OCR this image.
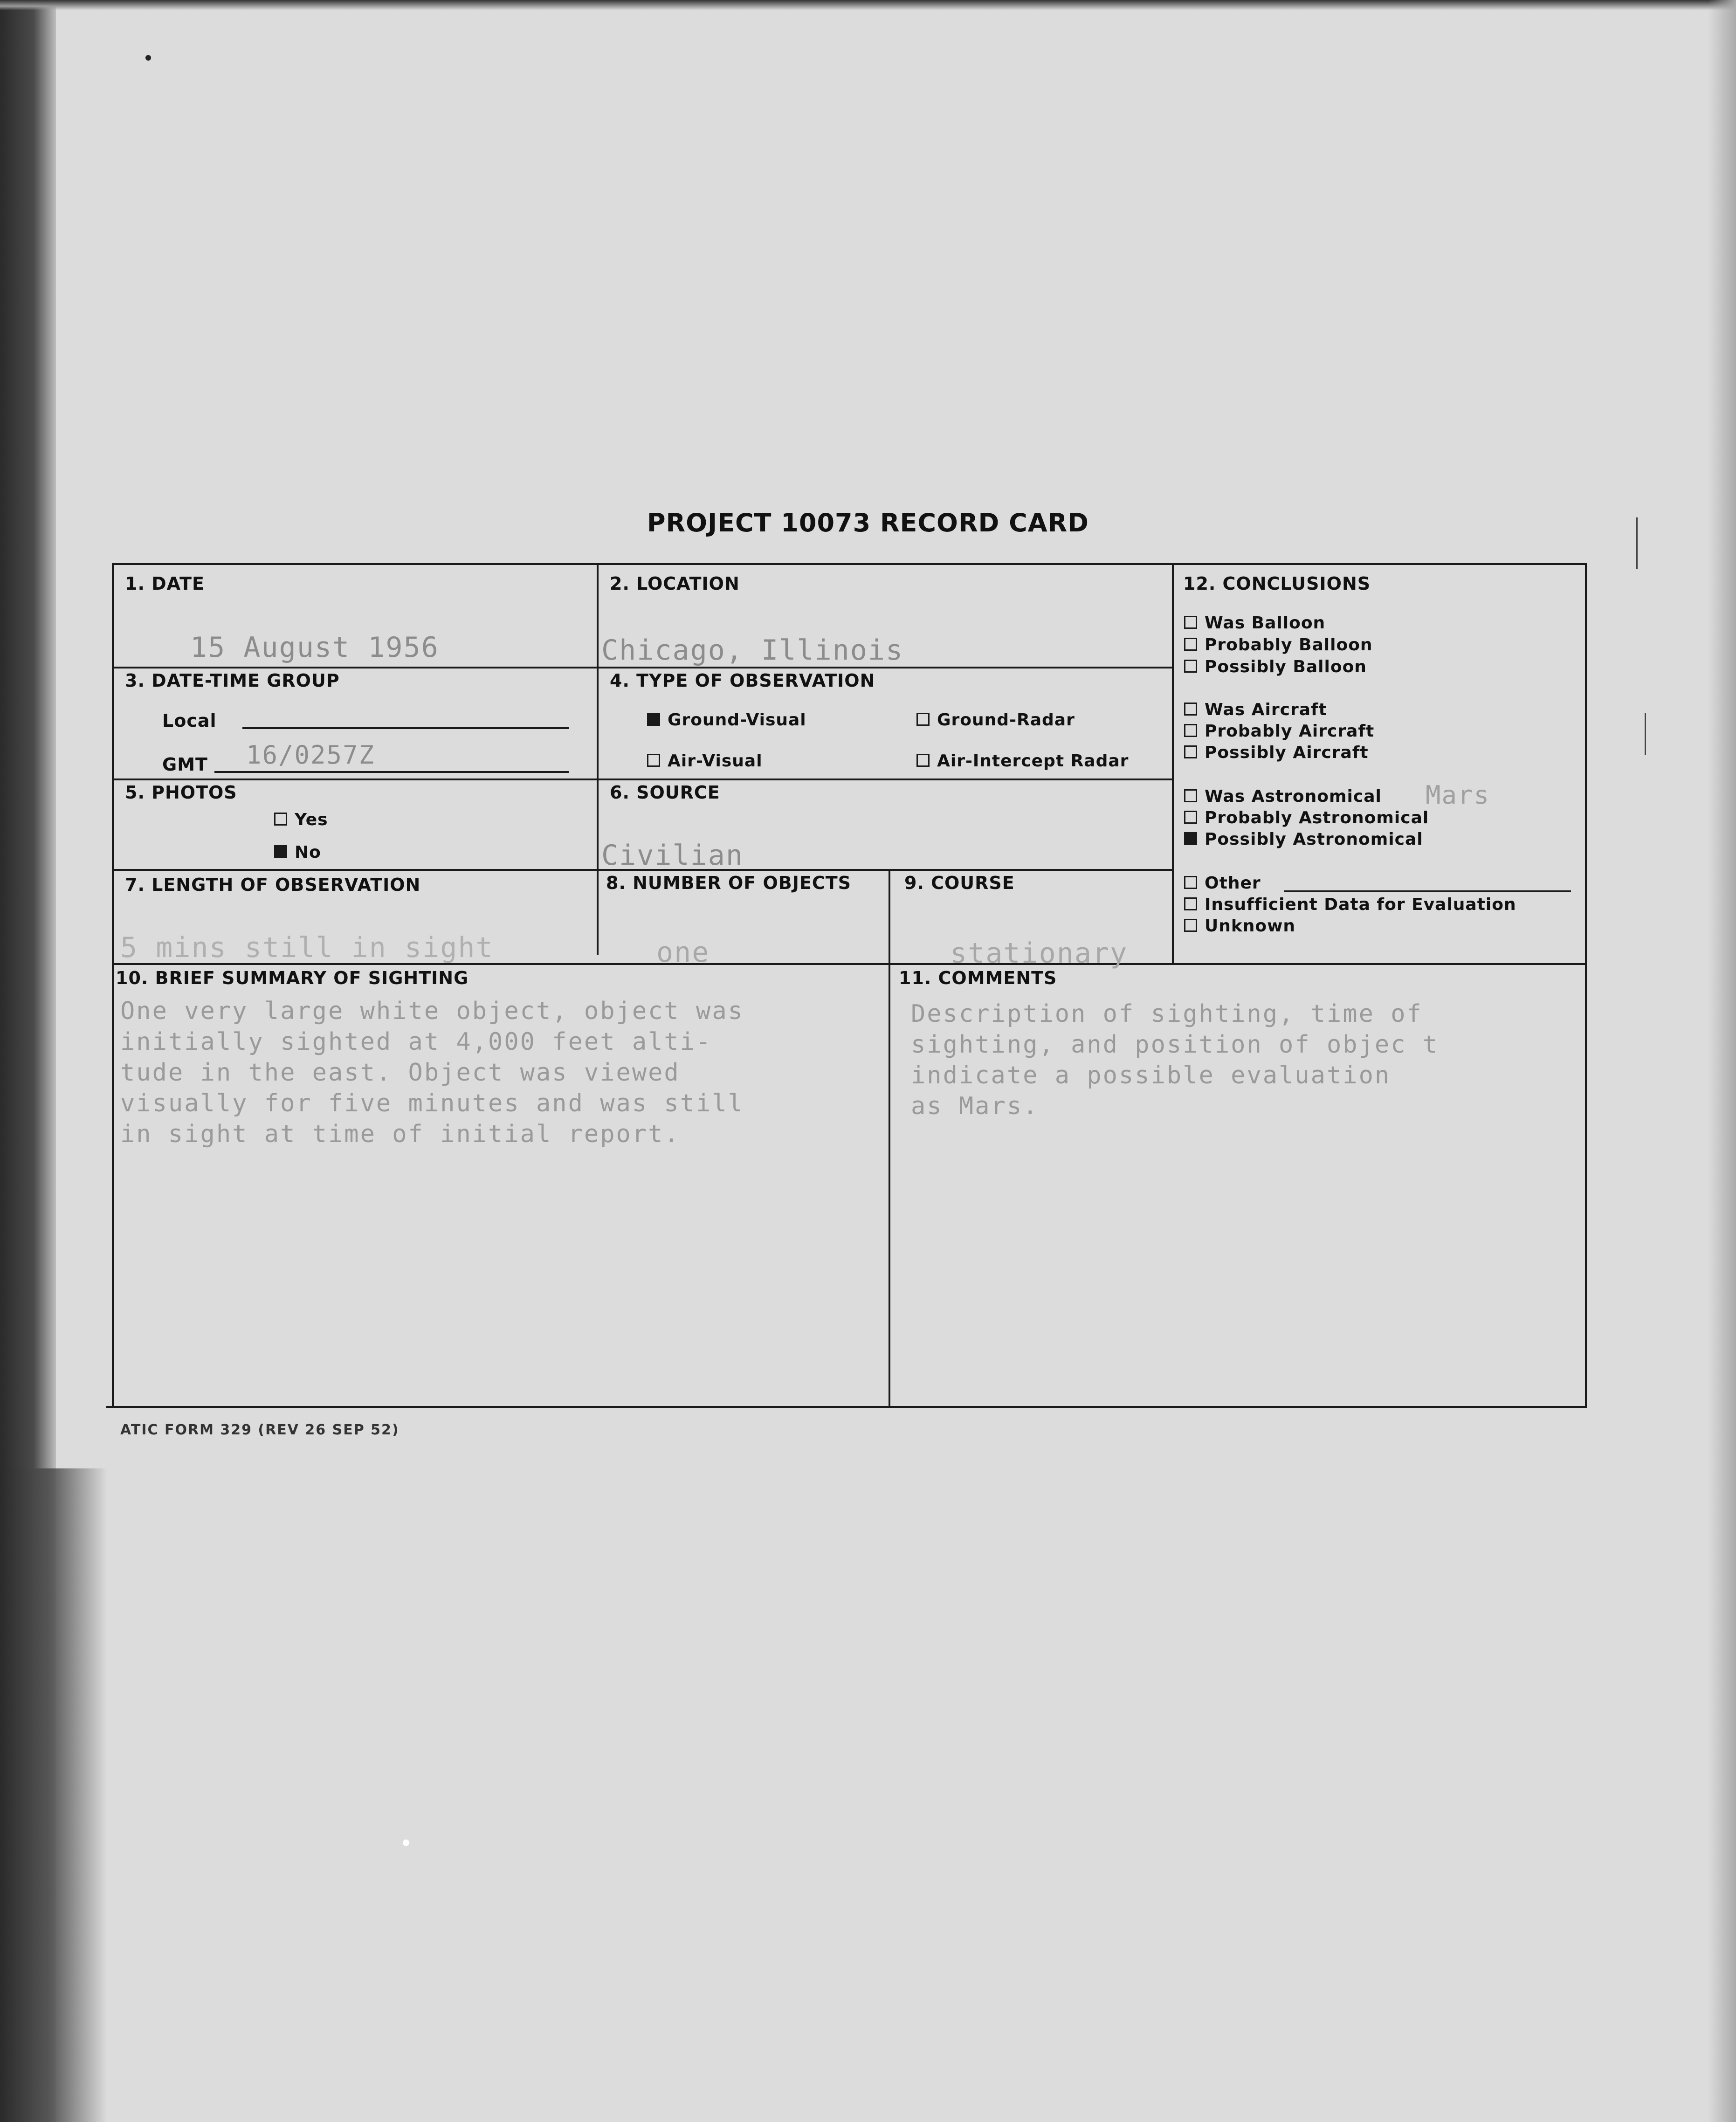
PROJECT 10073 RECORD CARD
1. DATE
15 August 1956
2. LOCATION
Chicago, Illinois
3. DATE-TIME GROUP
Local
GMT 16/0257Z
4. TYPE OF OBSERVATION
Ground-Visual	Ground-Radar
Air-Visual	Air-Intercept Radar
5. PHOTOS
Yes
No
6. SOURCE
Civilian
7. LENGTH OF OBSERVATION
5 mins still in sight
8. NUMBER OF OBJECTS
one
9. COURSE
stationary
10. BRIEF SUMMARY OF SIGHTING
One very large white object, object was
initially sighted at 4,000 feet alti-
tude in the east. Object was viewed
visually for five minutes and was still
in sight at time of initial report.
11. COMMENTS
Description of sighting, time of
sighting, and position of objec t
indicate a possible evaluation
as Mars.
12. CONCLUSIONS
Was Balloon
Probably Balloon
Possibly Balloon
Was Aircraft
Probably Aircraft
Possibly Aircraft
Was Astronomical Mars
Probably Astronomical
Possibly Astronomical
Other
Insufficient Data for Evaluation
Unknown
ATIC FORM 329 (REV 26 SEP 52)
